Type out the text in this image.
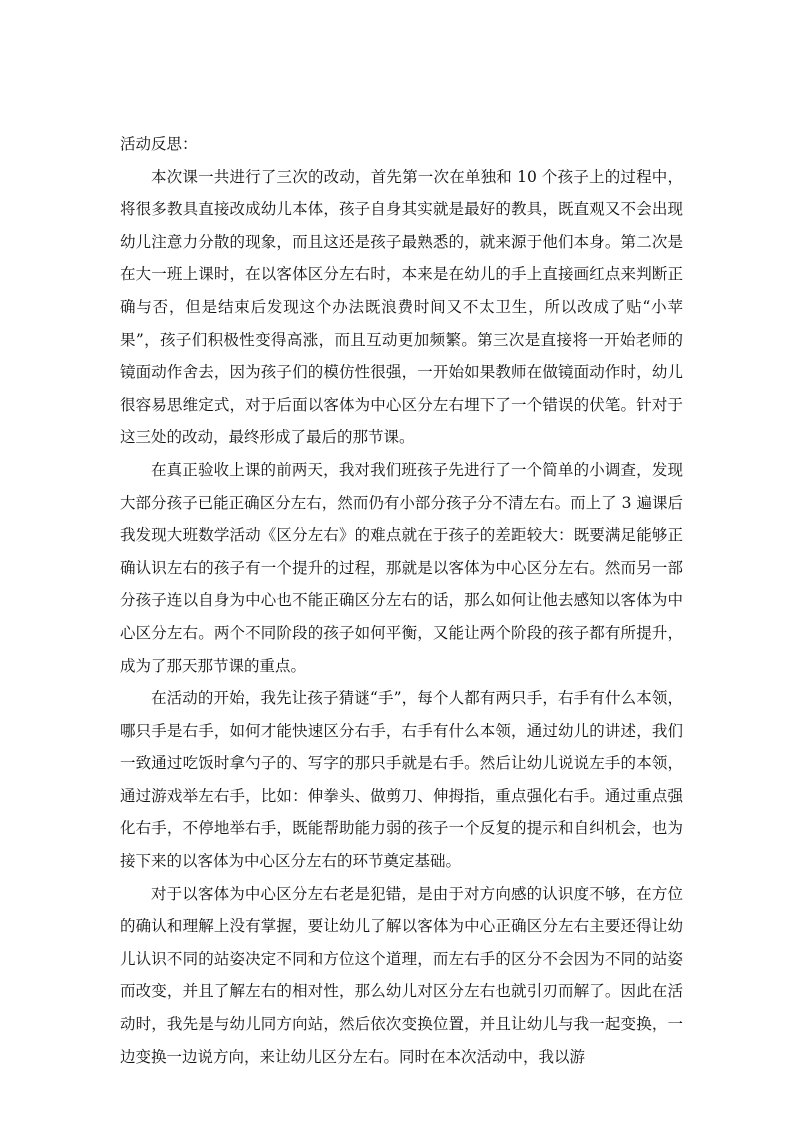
活动反思：

本次课一共进行了三次的改动，首先第一次在单独和 10 个孩子上的过程中，将很多教具直接改成幼儿本体，孩子自身其实就是最好的教具，既直观又不会出现幼儿注意力分散的现象，而且这还是孩子最熟悉的，就来源于他们本身。第二次是在大一班上课时，在以客体区分左右时，本来是在幼儿的手上直接画红点来判断正确与否，但是结束后发现这个办法既浪费时间又不太卫生，所以改成了贴“小苹果”，孩子们积极性变得高涨，而且互动更加频繁。第三次是直接将一开始老师的镜面动作舍去，因为孩子们的模仿性很强，一开始如果教师在做镜面动作时，幼儿很容易思维定式，对于后面以客体为中心区分左右埋下了一个错误的伏笔。针对于这三处的改动，最终形成了最后的那节课。

在真正验收上课的前两天，我对我们班孩子先进行了一个简单的小调查，发现大部分孩子已能正确区分左右，然而仍有小部分孩子分不清左右。而上了 3 遍课后我发现大班数学活动《区分左右》的难点就在于孩子的差距较大：既要满足能够正确认识左右的孩子有一个提升的过程，那就是以客体为中心区分左右。然而另一部分孩子连以自身为中心也不能正确区分左右的话，那么如何让他去感知以客体为中心区分左右。两个不同阶段的孩子如何平衡，又能让两个阶段的孩子都有所提升，成为了那天那节课的重点。

在活动的开始，我先让孩子猜谜“手”，每个人都有两只手，右手有什么本领，哪只手是右手，如何才能快速区分右手，右手有什么本领，通过幼儿的讲述，我们一致通过吃饭时拿勺子的、写字的那只手就是右手。然后让幼儿说说左手的本领，通过游戏举左右手，比如：伸拳头、做剪刀、伸拇指，重点强化右手。通过重点强化右手，不停地举右手，既能帮助能力弱的孩子一个反复的提示和自纠机会，也为接下来的以客体为中心区分左右的环节奠定基础。

对于以客体为中心区分左右老是犯错，是由于对方向感的认识度不够，在方位的确认和理解上没有掌握，要让幼儿了解以客体为中心正确区分左右主要还得让幼儿认识不同的站姿决定不同和方位这个道理，而左右手的区分不会因为不同的站姿而改变，并且了解左右的相对性，那么幼儿对区分左右也就引刃而解了。因此在活动时，我先是与幼儿同方向站，然后依次变换位置，并且让幼儿与我一起变换，一边变换一边说方向，来让幼儿区分左右。同时在本次活动中，我以游
